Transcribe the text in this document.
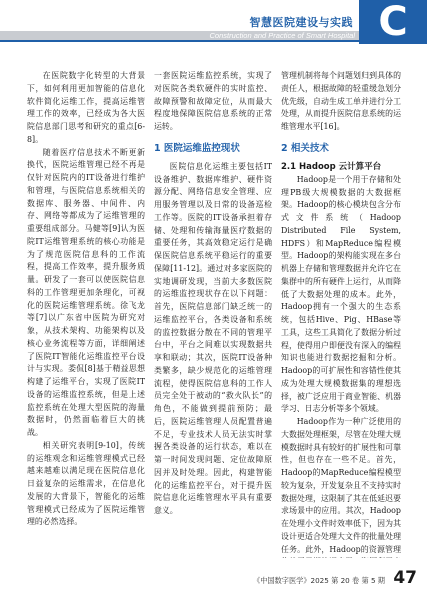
智慧医院建设与实践
Construction and Practice of Smart Hospital C

在医院数字化转型的大背景下，如何利用更加智能的信息化软件简化运维工作，提高运维管理工作的效率，已经成为各大医院信息部门思考和研究的重点[6-8]。

随着医疗信息技术不断更新换代，医院运维管理已经不再是仅针对医院内的IT设备进行维护和管理，与医院信息系统相关的数据库、服务器、中间件、内存、网络等都成为了运维管理的重要组成部分。马健等[9]认为医院IT运维管理系统的核心功能是为了规范医院信息科的工作流程，提高工作效率，提升服务质量。研发了一套可以使医院信息科的工作管理更加条理化，可视化的医院运维管理系统。徐飞龙等[7]以广东省中医院为研究对象，从技术架构、功能架构以及核心业务流程等方面，详细阐述了医院IT智能化运维监控平台设计与实现。娄侃[8]基于精益思想构建了运维平台，实现了医院IT设备的运维监控系统，但是上述监控系统在处理大型医院的海量数据时，仍然面临着巨大的挑战。

相关研究表明[9-10]，传统的运维观念和运维管理模式已经越来越难以满足现在医院信息化日益复杂的运维需求，在信息化发展的大背景下，智能化的运维管理模式已经成为了医院运维管理的必然选择。

一套医院运维监控系统，实现了对医院各类软硬件的实时监控、故障预警和故障定位，从而最大程度地保障医院信息系统的正常运转。

1 医院运维监控现状

医院信息化运维主要包括IT设备维护、数据库维护、硬件资源分配、网络信息安全管理、应用服务管理以及日常的设备巡检工作等。医院的IT设备承担着存储、处理和传输海量医疗数据的重要任务，其高效稳定运行是确保医院信息系统平稳运行的重要保障[11-12]。通过对多家医院的实地调研发现，当前大多数医院的运维监控现状存在以下问题：首先，医院信息部门缺乏统一的运维监控平台，各类设备和系统的监控数据分散在不同的管理平台中，平台之间难以实现数据共享和联动；其次，医院IT设备种类繁多，缺少规范化的运维管理流程，使得医院信息科的工作人员完全处于被动的“救火队长”的角色，不能做到提前预防；最后，医院运维管理人员配置普遍不足，专业技术人员无法实时掌握各类设备的运行状态，难以在第一时间发现问题、定位故障原因并及时处理。因此，构建智能化的运维监控平台，对于提升医院信息化运维管理水平具有重要意义。

管理机制将每个问题划归到具体的责任人，根据故障的轻重缓急划分优先级，自动生成工单并进行分工处理，从而提升医院信息系统的运维管理水平[16]。

2 相关技术
2.1 Hadoop 云计算平台

Hadoop是一个用于存储和处理PB级大规模数据的大数据框架。Hadoop的核心模块包含分布式文件系统（Hadoop Distributed File System, HDFS）和MapReduce编程模型。Hadoop的架构能实现在多台机器上存储和管理数据并允许它在集群中的所有硬件上运行，从而降低了大数据处理的成本。此外，Hadoop拥有一个强大的生态系统，包括Hive、Pig、HBase等工具，这些工具简化了数据分析过程，使得用户即便没有深入的编程知识也能进行数据挖掘和分析。Hadoop的可扩展性和容错性使其成为处理大规模数据集的理想选择，被广泛应用于商业智能、机器学习、日志分析等多个领域。

Hadoop作为一种广泛使用的大数据处理框架，尽管在处理大规模数据时具有较好的扩展性和可靠性，但也存在一些不足。首先，Hadoop的MapReduce编程模型较为复杂，开发复杂且不支持实时数据处理，这限制了其在低延迟要求场景中的应用。其次，Hadoop在处理小文件时效率低下，因为其设计更适合处理大文件的批量处理任务。此外，Hadoop的资源管理

《中国数字医学》2025 第 20 卷 第 5 期 47
